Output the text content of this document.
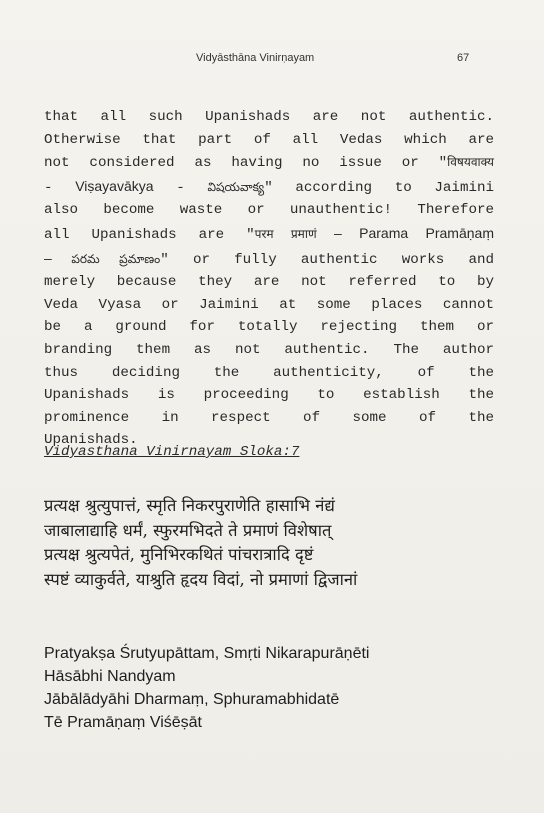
Vidyāsthāna Vinirṇayam	67
that all such Upanishads are not authentic.
Otherwise that part of all Vedas which are
not considered as having no issue or "विषयवाक्य
- Viṣayavākya - విషయవాక్య" according to Jaimini
also become waste or unauthentic! Therefore
all Upanishads are "परम प्रमाणं – Parama Pramāṇaṃ
– పరమ ప్రమాణం" or fully authentic works and
merely because they are not referred to by
Veda Vyasa or Jaimini at some places cannot
be a ground for totally rejecting them or
branding them as not authentic. The author
thus deciding the authenticity, of the
Upanishads is proceeding to establish the
prominence in respect of some of the
Upanishads.
Vidyasthana Vinirnayam Sloka:7
प्रत्यक्ष श्रुत्युपात्तं, स्मृति निकरपुराणेति हासाभि नंद्यं
जाबालाद्याहि धर्मं, स्फुरमभिदते ते प्रमाणं विशेषात्
प्रत्यक्ष श्रुत्यपेतं, मुनिभिरकथितं पांचरात्रादि दृष्टं
स्पष्टं व्याकुर्वते, याश्रुति हृदय विदां, नो प्रमाणां द्विजानां
Pratyakṣa Śrutyupāttam, Smṛti Nikarapurāṇēti
Hāsābhi Nandyam
Jābālādyāhi Dharmaṃ, Sphuramabhidatē
Tē Pramāṇaṃ Viśēṣāt
